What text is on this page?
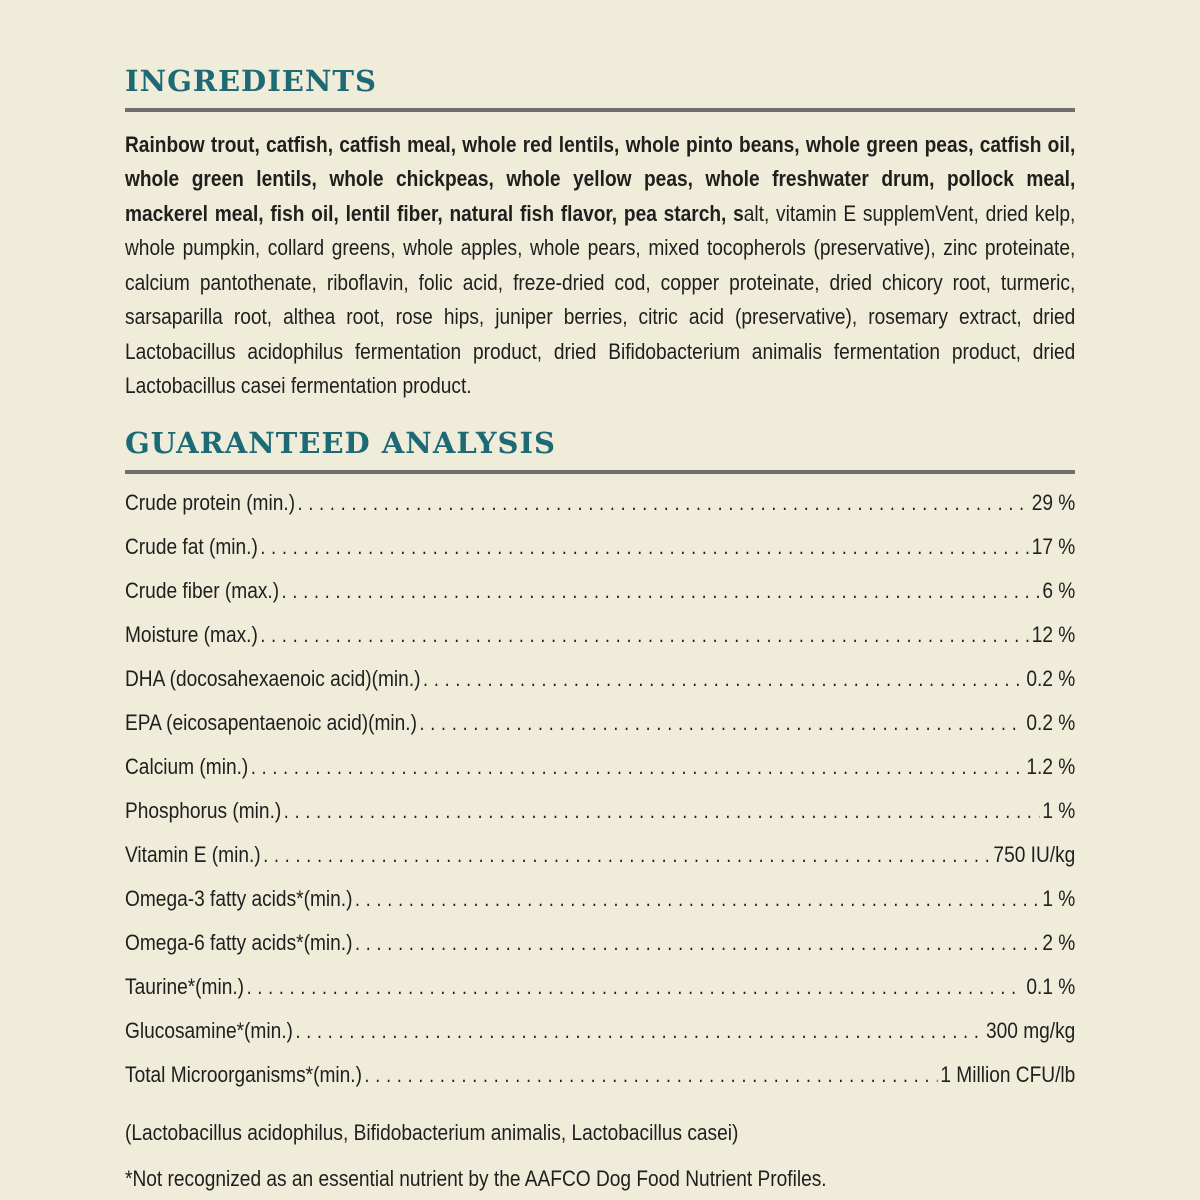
INGREDIENTS

Rainbow trout, catfish, catfish meal, whole red lentils, whole pinto beans, whole green peas, catfish oil, whole green lentils, whole chickpeas, whole yellow peas, whole freshwater drum, pollock meal, mackerel meal, fish oil, lentil fiber, natural fish flavor, pea starch, salt, vitamin E supplemVent, dried kelp, whole pumpkin, collard greens, whole apples, whole pears, mixed tocopherols (preservative), zinc proteinate, calcium pantothenate, riboflavin, folic acid, freze-dried cod, copper proteinate, dried chicory root, turmeric, sarsaparilla root, althea root, rose hips, juniper berries, citric acid (preservative), rosemary extract, dried Lactobacillus acidophilus fermentation product, dried Bifidobacterium animalis fermentation product, dried Lactobacillus casei fermentation product.

GUARANTEED ANALYSIS
Crude protein (min.) . . .	29 %
Crude fat (min.) . . .	17 %
Crude fiber (max.) . . .	6 %
Moisture (max.) . . .	12 %
DHA (docosahexaenoic acid)(min.) . . .	0.2 %
EPA (eicosapentaenoic acid)(min.) . . .	0.2 %
Calcium (min.) . . .	1.2 %
Phosphorus (min.) . . .	1 %
Vitamin E (min.) . . .	750 IU/kg
Omega-3 fatty acids*(min.) . . .	1 %
Omega-6 fatty acids*(min.) . . .	2 %
Taurine*(min.) . . .	0.1 %
Glucosamine*(min.) . . .	300 mg/kg
Total Microorganisms*(min.) . . .	1 Million CFU/lb
(Lactobacillus acidophilus, Bifidobacterium animalis, Lactobacillus casei)
*Not recognized as an essential nutrient by the AAFCO Dog Food Nutrient Profiles.
